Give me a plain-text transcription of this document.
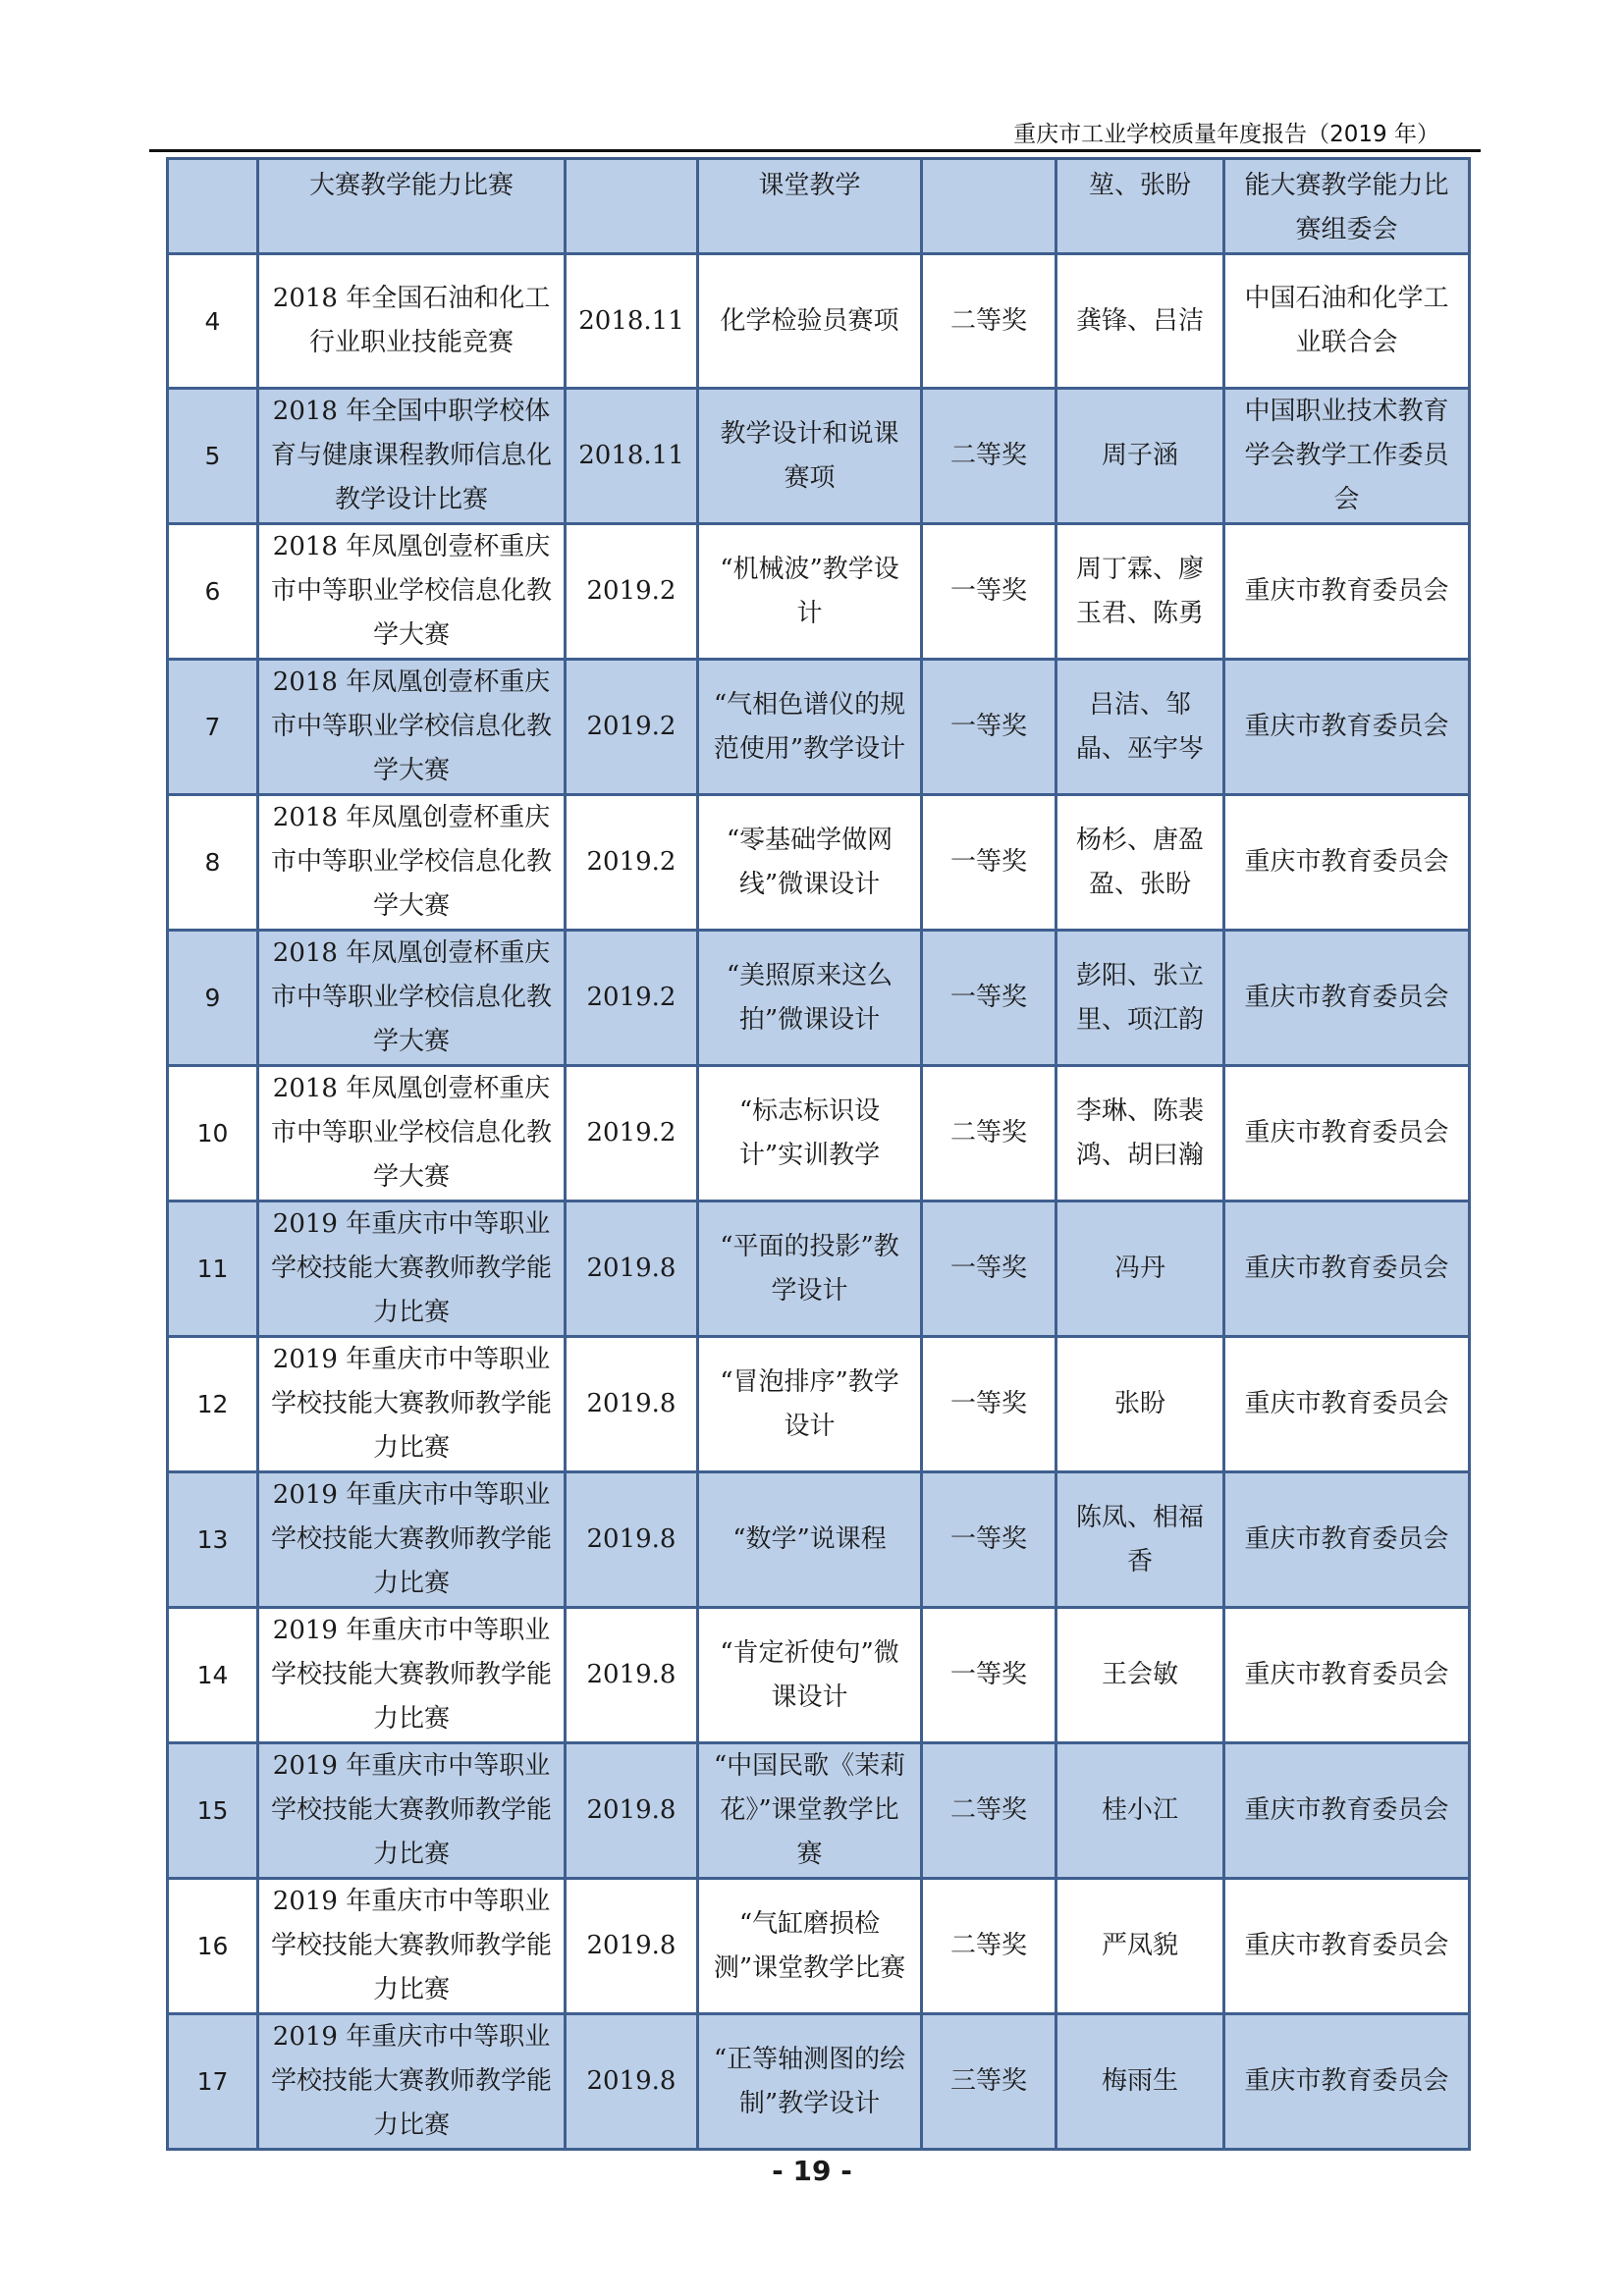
重庆市工业学校质量年度报告（2019 年）
	大赛教学能力比赛		课堂教学		堃、张盼	能大赛教学能力比赛组委会
4	2018 年全国石油和化工行业职业技能竞赛	2018.11	化学检验员赛项	二等奖	龚锋、吕洁	中国石油和化学工业联合会
5	2018 年全国中职学校体育与健康课程教师信息化教学设计比赛	2018.11	教学设计和说课赛项	二等奖	周子涵	中国职业技术教育学会教学工作委员会
6	2018 年凤凰创壹杯重庆市中等职业学校信息化教学大赛	2019.2	“机械波”教学设计	一等奖	周丁霖、廖玉君、陈勇	重庆市教育委员会
7	2018 年凤凰创壹杯重庆市中等职业学校信息化教学大赛	2019.2	“气相色谱仪的规范使用”教学设计	一等奖	吕洁、邹晶、巫宇岑	重庆市教育委员会
8	2018 年凤凰创壹杯重庆市中等职业学校信息化教学大赛	2019.2	“零基础学做网线”微课设计	一等奖	杨杉、唐盈盈、张盼	重庆市教育委员会
9	2018 年凤凰创壹杯重庆市中等职业学校信息化教学大赛	2019.2	“美照原来这么拍”微课设计	一等奖	彭阳、张立里、项江韵	重庆市教育委员会
10	2018 年凤凰创壹杯重庆市中等职业学校信息化教学大赛	2019.2	“标志标识设计”实训教学	二等奖	李琳、陈裴鸿、胡曰瀚	重庆市教育委员会
11	2019 年重庆市中等职业学校技能大赛教师教学能力比赛	2019.8	“平面的投影”教学设计	一等奖	冯丹	重庆市教育委员会
12	2019 年重庆市中等职业学校技能大赛教师教学能力比赛	2019.8	“冒泡排序”教学设计	一等奖	张盼	重庆市教育委员会
13	2019 年重庆市中等职业学校技能大赛教师教学能力比赛	2019.8	“数学”说课程	一等奖	陈凤、相福香	重庆市教育委员会
14	2019 年重庆市中等职业学校技能大赛教师教学能力比赛	2019.8	“肯定祈使句”微课设计	一等奖	王会敏	重庆市教育委员会
15	2019 年重庆市中等职业学校技能大赛教师教学能力比赛	2019.8	“中国民歌《茉莉花》”课堂教学比赛	二等奖	桂小江	重庆市教育委员会
16	2019 年重庆市中等职业学校技能大赛教师教学能力比赛	2019.8	“气缸磨损检测”课堂教学比赛	二等奖	严凤貌	重庆市教育委员会
17	2019 年重庆市中等职业学校技能大赛教师教学能力比赛	2019.8	“正等轴测图的绘制”教学设计	三等奖	梅雨生	重庆市教育委员会
- 19 -
